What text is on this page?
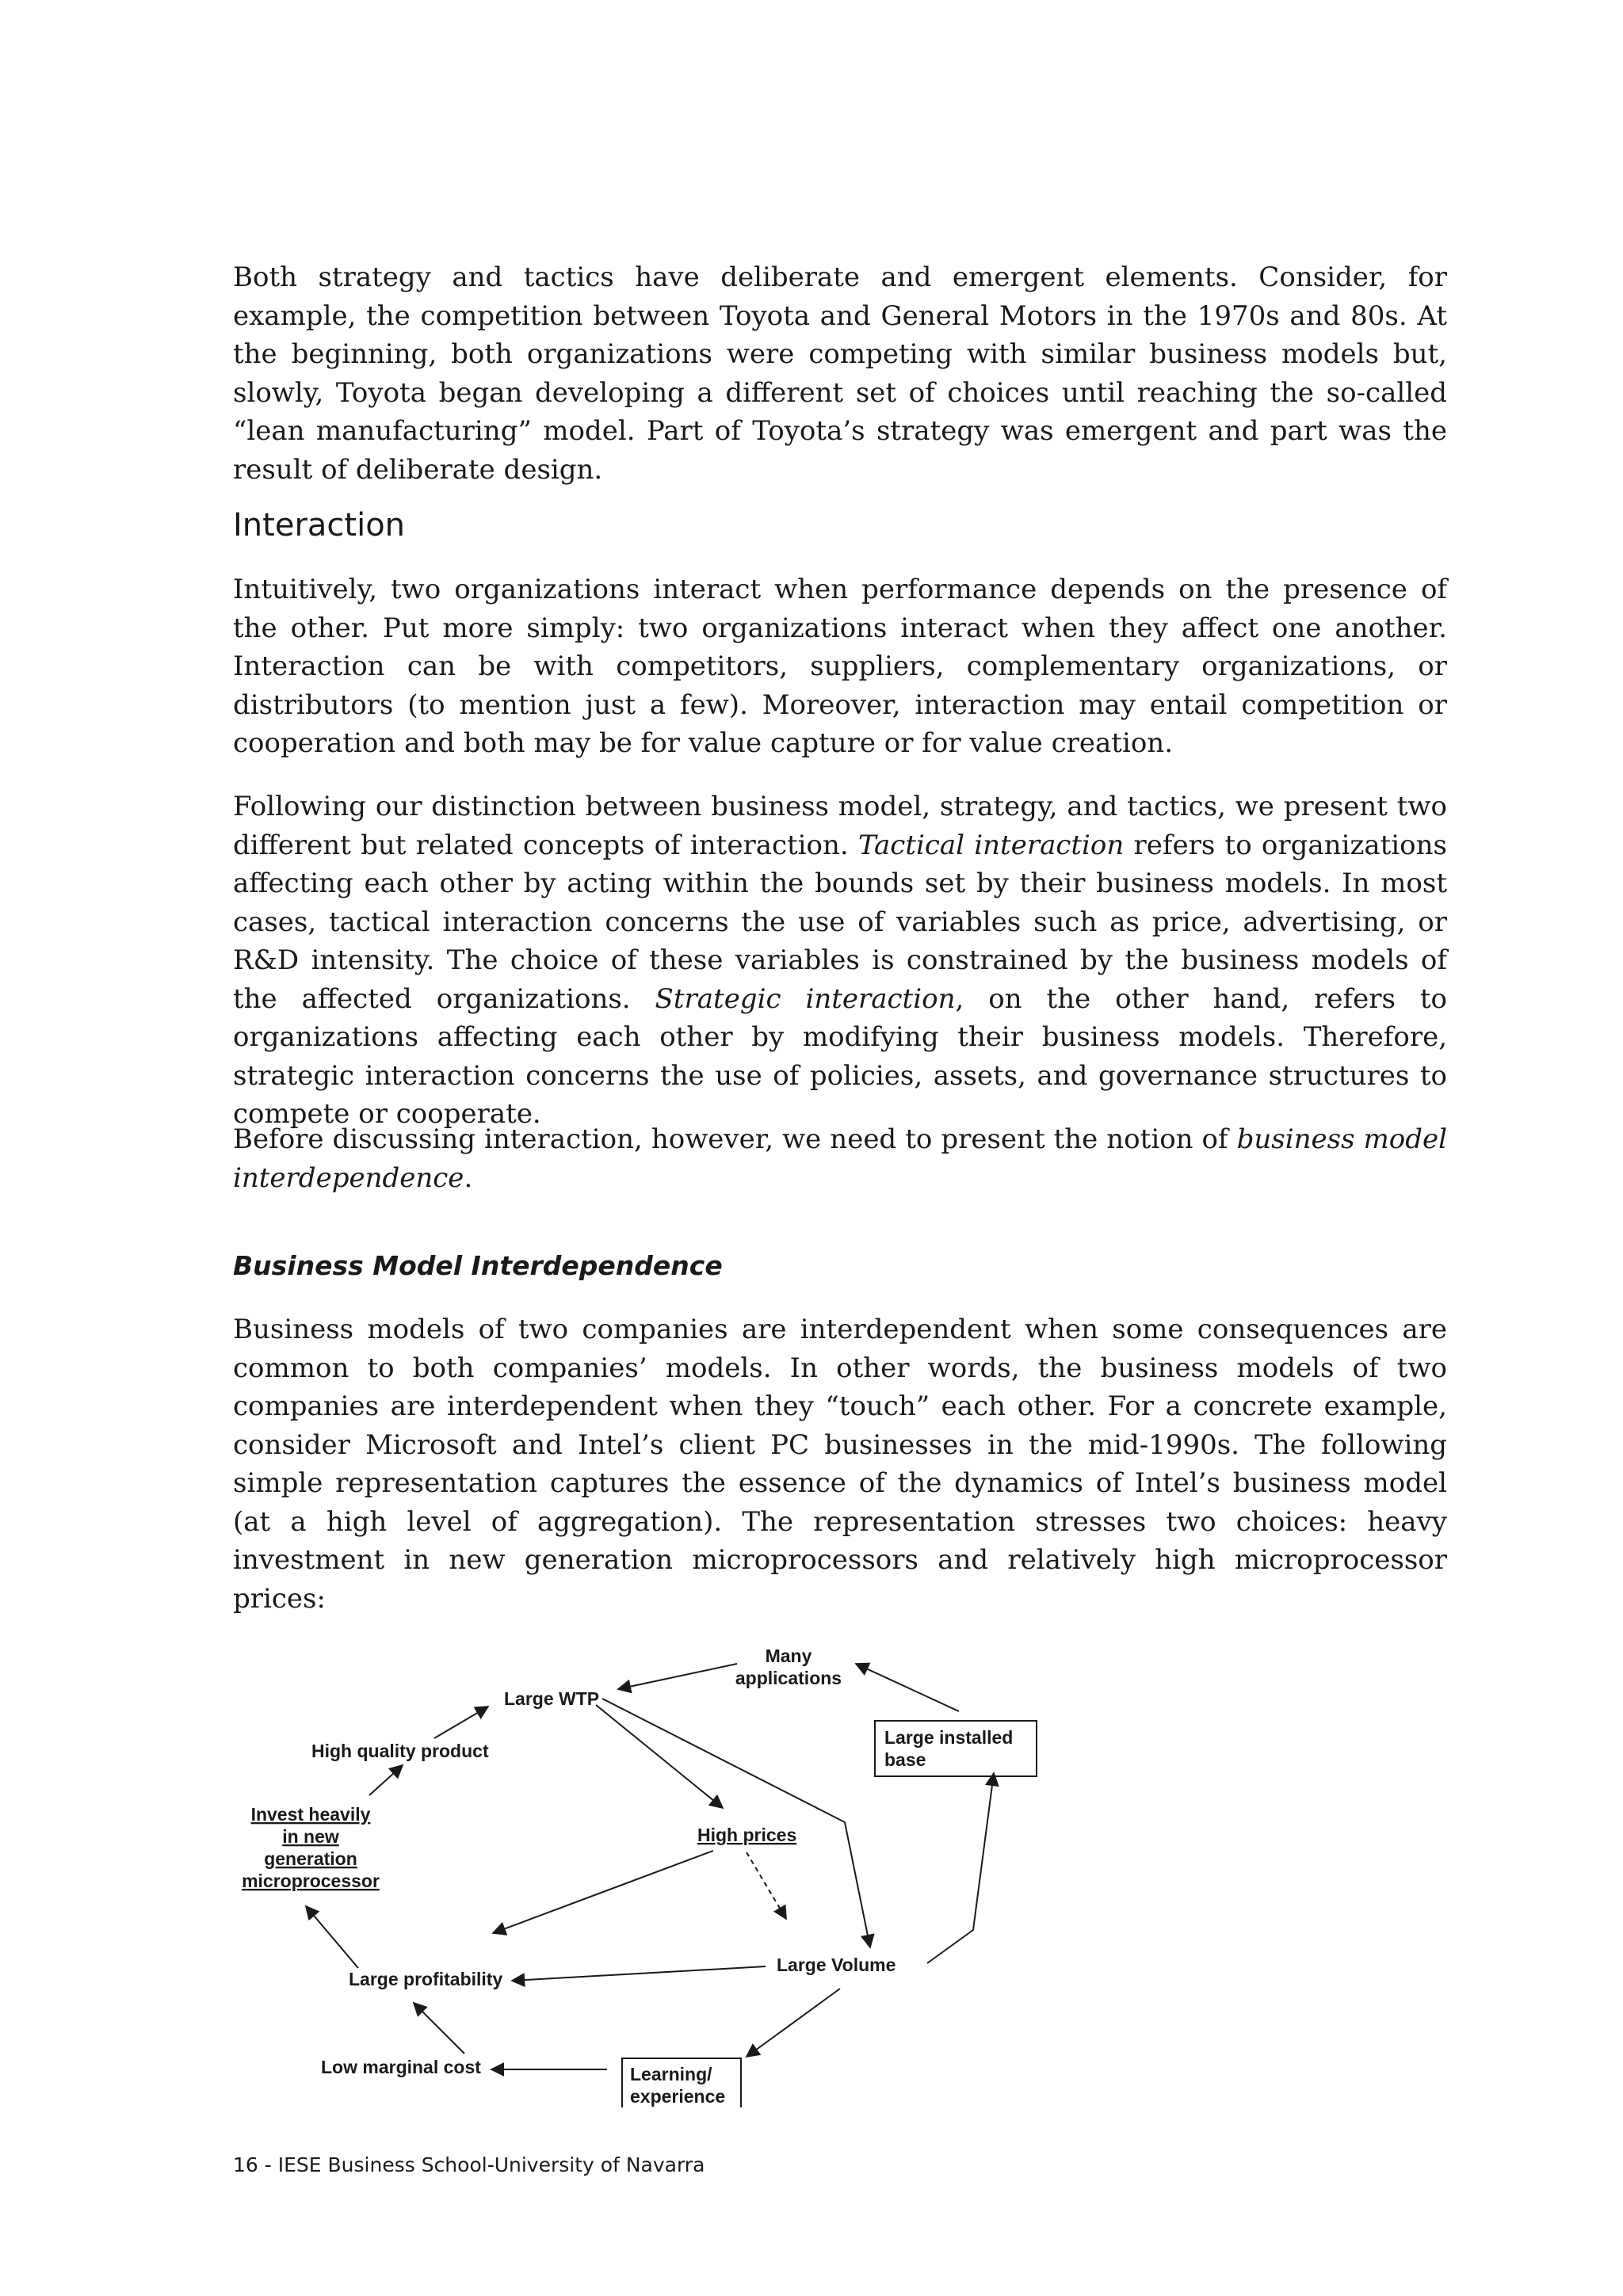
Both strategy and tactics have deliberate and emergent elements. Consider, for example, the competition between Toyota and General Motors in the 1970s and 80s. At the beginning, both organizations were competing with similar business models but, slowly, Toyota began developing a different set of choices until reaching the so-called “lean manufacturing” model. Part of Toyota’s strategy was emergent and part was the result of deliberate design.

Interaction

Intuitively, two organizations interact when performance depends on the presence of the other. Put more simply: two organizations interact when they affect one another. Interaction can be with competitors, suppliers, complementary organizations, or distributors (to mention just a few). Moreover, interaction may entail competition or cooperation and both may be for value capture or for value creation.

Following our distinction between business model, strategy, and tactics, we present two different but related concepts of interaction. Tactical interaction refers to organizations affecting each other by acting within the bounds set by their business models. In most cases, tactical interaction concerns the use of variables such as price, advertising, or R&D intensity. The choice of these variables is constrained by the business models of the affected organizations. Strategic interaction, on the other hand, refers to organizations affecting each other by modifying their business models. Therefore, strategic interaction concerns the use of policies, assets, and governance structures to compete or cooperate.

Before discussing interaction, however, we need to present the notion of business model interdependence.

Business Model Interdependence

Business models of two companies are interdependent when some consequences are common to both companies’ models. In other words, the business models of two companies are interdependent when they “touch” each other. For a concrete example, consider Microsoft and Intel’s client PC businesses in the mid-1990s. The following simple representation captures the essence of the dynamics of Intel’s business model (at a high level of aggregation). The representation stresses two choices: heavy investment in new generation microprocessors and relatively high microprocessor prices:

Many
applications
Large WTP
Large installed
base
High quality product
Invest heavily
in new
generation
microprocessor
High prices
Large profitability
Large Volume
Low marginal cost	Learning/
experience

16 - IESE Business School-University of Navarra
